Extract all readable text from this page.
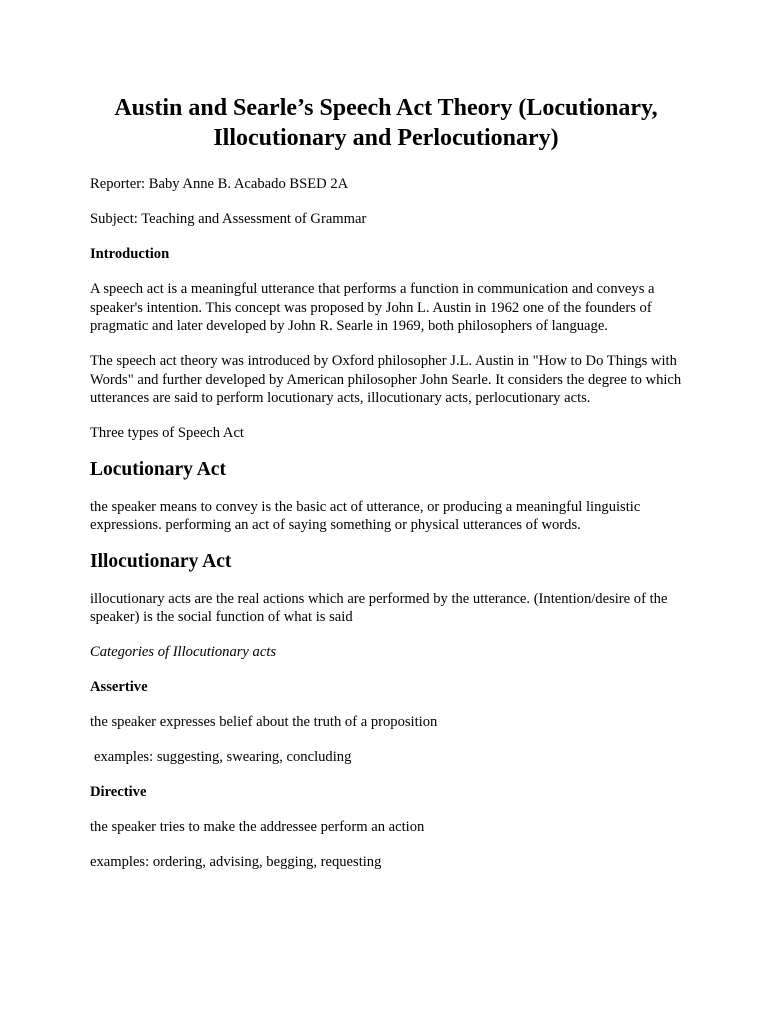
Austin and Searle’s Speech Act Theory (Locutionary, Illocutionary and Perlocutionary)

Reporter: Baby Anne B. Acabado BSED 2A

Subject: Teaching and Assessment of Grammar

Introduction

A speech act is a meaningful utterance that performs a function in communication and conveys a speaker's intention. This concept was proposed by John L. Austin in 1962 one of the founders of pragmatic and later developed by John R. Searle in 1969, both philosophers of language.

The speech act theory was introduced by Oxford philosopher J.L. Austin in "How to Do Things with Words" and further developed by American philosopher John Searle. It considers the degree to which utterances are said to perform locutionary acts, illocutionary acts, perlocutionary acts.

Three types of Speech Act

Locutionary Act

the speaker means to convey is the basic act of utterance, or producing a meaningful linguistic expressions. performing an act of saying something or physical utterances of words.

Illocutionary Act

illocutionary acts are the real actions which are performed by the utterance. (Intention/desire of the speaker) is the social function of what is said

Categories of Illocutionary acts

Assertive

the speaker expresses belief about the truth of a proposition

examples: suggesting, swearing, concluding

Directive

the speaker tries to make the addressee perform an action

examples: ordering, advising, begging, requesting
